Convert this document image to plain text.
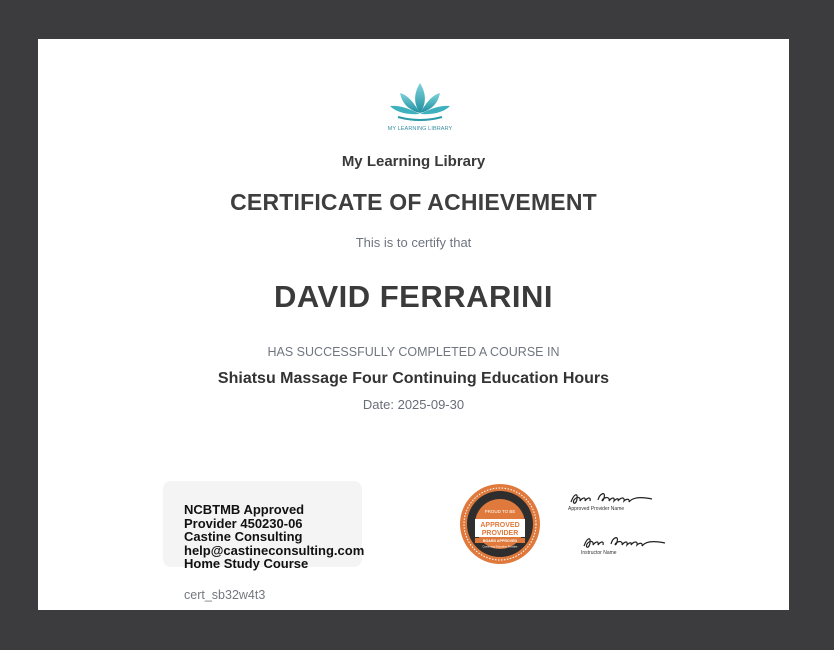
MY LEARNING LIBRARY
My Learning Library
CERTIFICATE OF ACHIEVEMENT
This is to certify that
DAVID FERRARINI
HAS SUCCESSFULLY COMPLETED A COURSE IN
Shiatsu Massage Four Continuing Education Hours
Date: 2025-09-30
NCBTMB Approved
Provider 450230-06
Castine Consulting
help@castineconsulting.com
Home Study Course
cert_sb32w4t3
PROUD TO BE
APPROVED
PROVIDER
BOARD APPROVED
Continuing Education Provider
Approved Provider Name
Instructor Name
